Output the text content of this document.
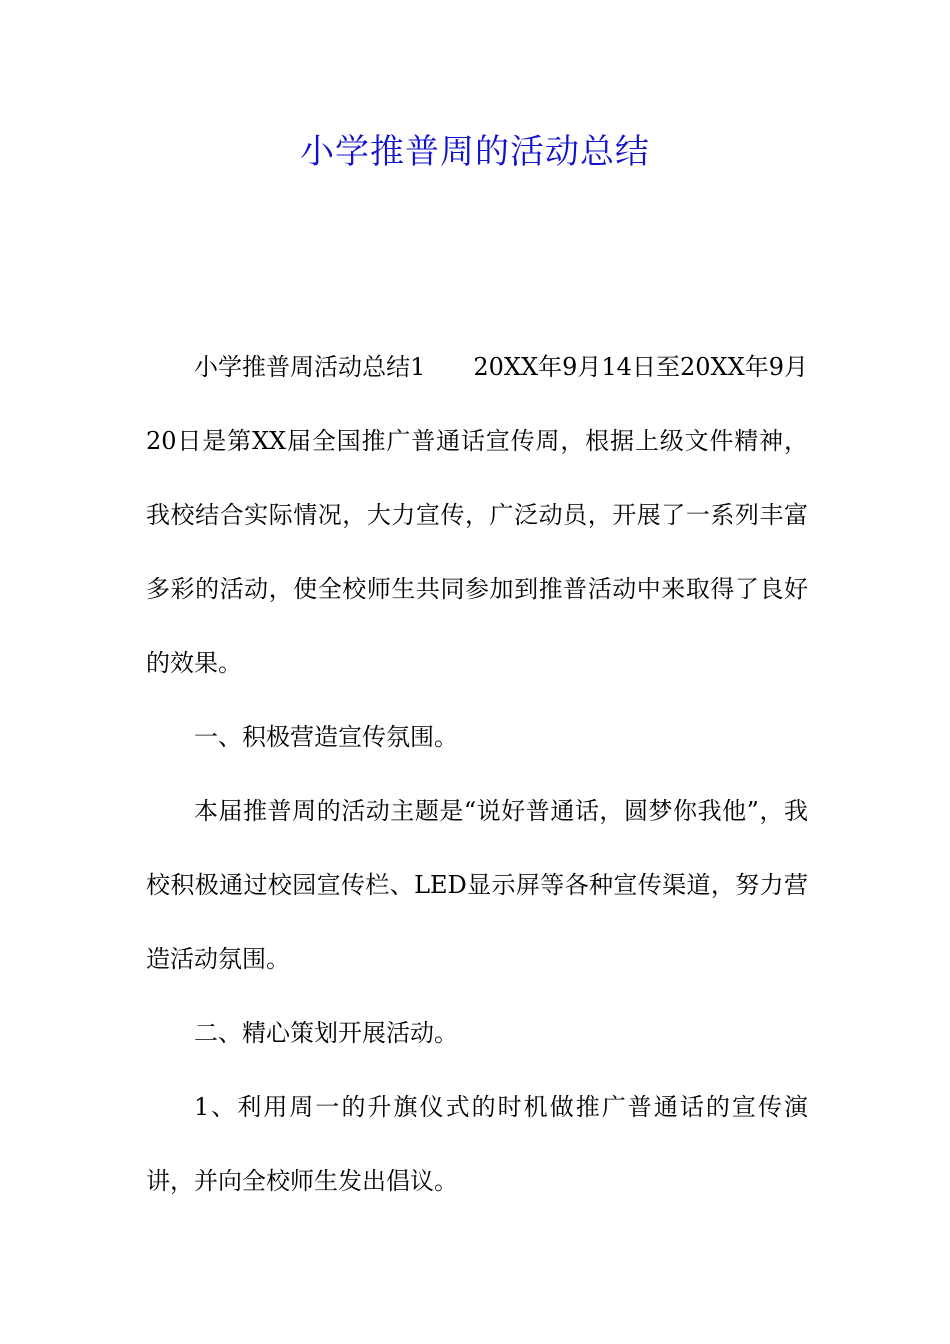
小学推普周的活动总结

小学推普周活动总结1　　20XX年9月14日至20XX年9月20日是第XX届全国推广普通话宣传周，根据上级文件精神，我校结合实际情况，大力宣传，广泛动员，开展了一系列丰富多彩的活动，使全校师生共同参加到推普活动中来取得了良好的效果。

一、积极营造宣传氛围。

本届推普周的活动主题是“说好普通话，圆梦你我他”，我校积极通过校园宣传栏、LED显示屏等各种宣传渠道，努力营造活动氛围。

二、精心策划开展活动。

1、利用周一的升旗仪式的时机做推广普通话的宣传演讲，并向全校师生发出倡议。
